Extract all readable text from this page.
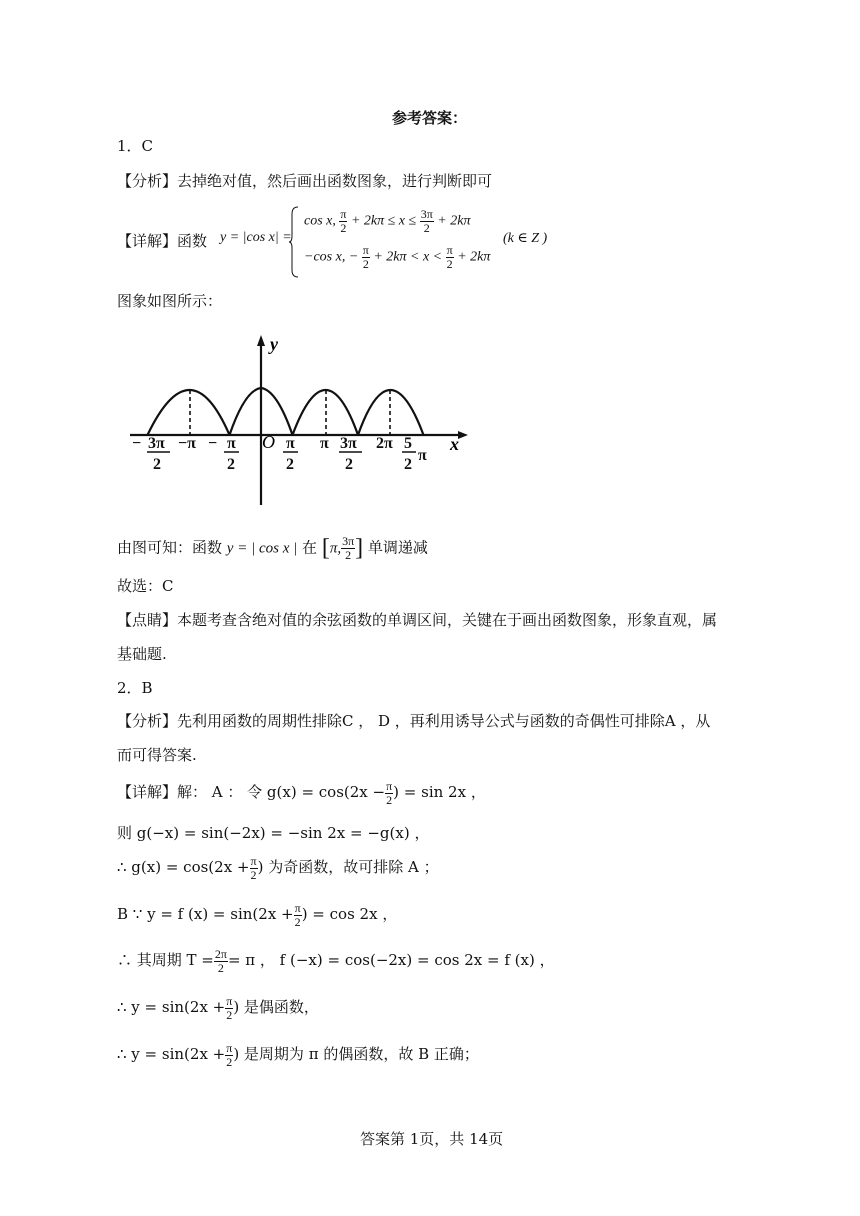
参考答案：
1．C
【分析】去掉绝对值，然后画出函数图象，进行判断即可
【详解】函数 y = |cos x| =
cos x, $\frac{\pi}{2} + 2k\pi \le x \le \frac{3\pi}{2} + 2k\pi$
−cos x, − $\frac{\pi}{2} + 2k\pi < x < \frac{\pi}{2} + 2k\pi$
(k ∈ Z )
图象如图所示：
y
x
O
− 3π
2
−π − π
2
π
2
π 3π
2
2π 5
2
π
由图可知：函数 y = | cos x | 在 [π, $\frac{3\pi}{2}$ ] 单调递减
故选：C
【点睛】本题考查含绝对值的余弦函数的单调区间，关键在于画出函数图象，形象直观，属
基础题.
2．B
【分析】先利用函数的周期性排除C ， D ，再利用诱导公式与函数的奇偶性可排除A ，从
而可得答案.
【详解】解： A ： 令 $g(x) = \cos(2x - \frac{\pi}{2}$ ) = sin 2x ，
则 g(−x) = sin(−2x) = −sin 2x = −g(x) ，
∴ $g(x) = \cos(2x + \frac{\pi}{2}$ ) 为奇函数，故可排除 A ；
B ∵ y = f $(x) = \sin(2x + \frac{\pi}{2}$ ) = cos 2x ，
∴ 其周期 $T = \frac{2\pi}{2} = \pi$ ， f (−x) = cos(−2x) = cos 2x = f (x) ，
∴ $y = \sin(2x + \frac{\pi}{2}$ ) 是偶函数，
∴ $y = \sin(2x + \frac{\pi}{2}$ ) 是周期为 π 的偶函数，故 B 正确；
答案第 1页，共 14页
